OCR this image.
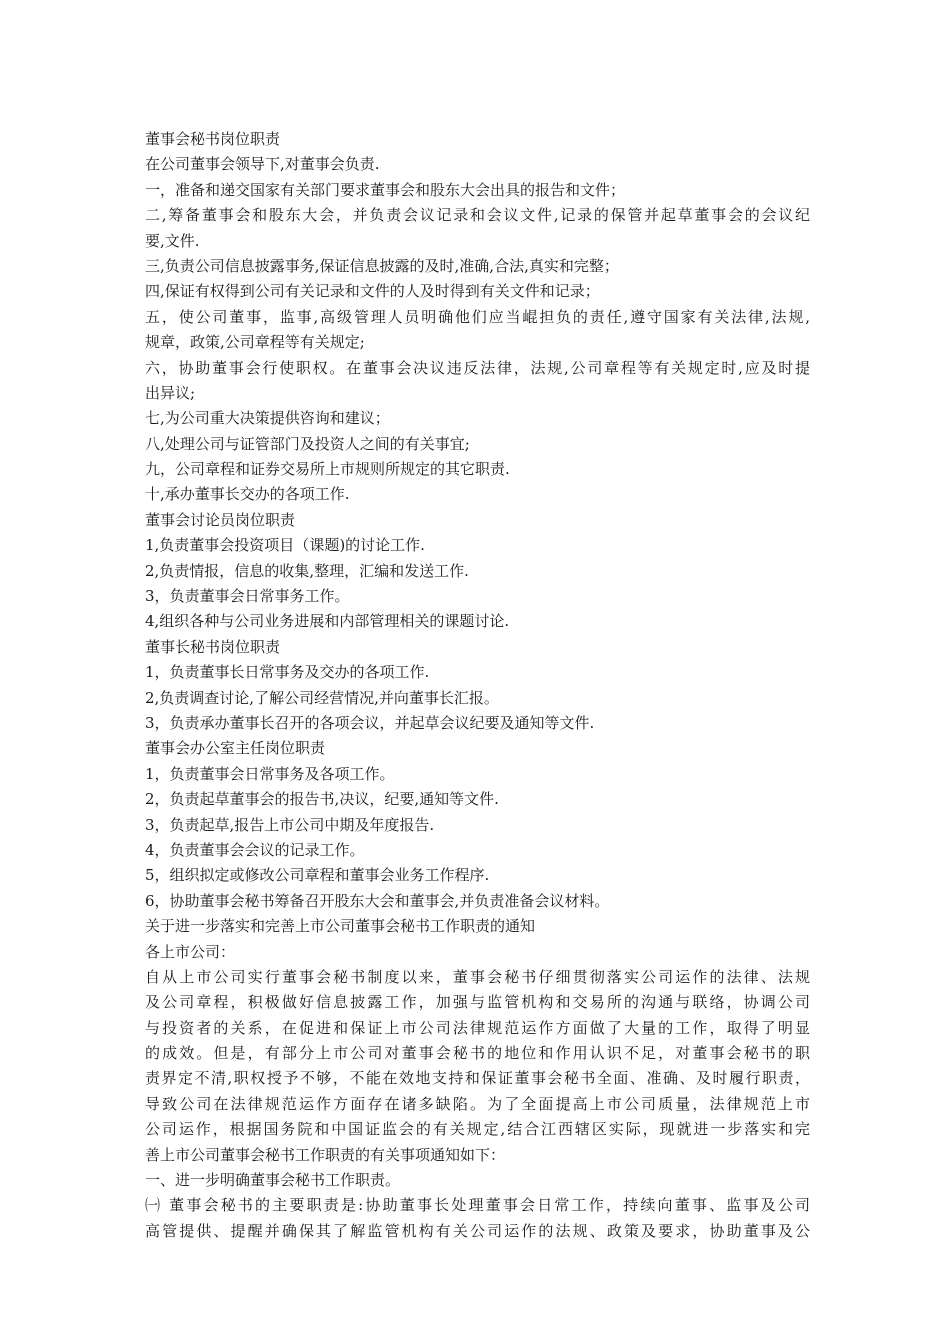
董事会秘书岗位职责
在公司董事会领导下,对董事会负责.
一，准备和递交国家有关部门要求董事会和股东大会出具的报告和文件；
二,筹备董事会和股东大会，并负责会议记录和会议文件,记录的保管并起草董事会的会议纪
要,文件.
三,负责公司信息披露事务,保证信息披露的及时,准确,合法,真实和完整；
四,保证有权得到公司有关记录和文件的人及时得到有关文件和记录；
五，使公司董事，监事,高级管理人员明确他们应当崐担负的责任,遵守国家有关法律,法规,
规章，政策,公司章程等有关规定;
六，协助董事会行使职权。在董事会决议违反法律，法规,公司章程等有关规定时,应及时提
出异议;
七,为公司重大决策提供咨询和建议；
八,处理公司与证管部门及投资人之间的有关事宜;
九，公司章程和证券交易所上市规则所规定的其它职责.
十,承办董事长交办的各项工作.
董事会讨论员岗位职责
1,负责董事会投资项目（课题)的讨论工作.
2,负责情报，信息的收集,整理，汇编和发送工作.
3，负责董事会日常事务工作。
4,组织各种与公司业务进展和内部管理相关的课题讨论.
董事长秘书岗位职责
1，负责董事长日常事务及交办的各项工作.
2,负责调查讨论,了解公司经营情况,并向董事长汇报。
3，负责承办董事长召开的各项会议，并起草会议纪要及通知等文件.
董事会办公室主任岗位职责
1，负责董事会日常事务及各项工作。
2，负责起草董事会的报告书,决议，纪要,通知等文件.
3，负责起草,报告上市公司中期及年度报告.
4，负责董事会会议的记录工作。
5，组织拟定或修改公司章程和董事会业务工作程序.
6，协助董事会秘书筹备召开股东大会和董事会,并负责准备会议材料。
关于进一步落实和完善上市公司董事会秘书工作职责的通知
各上市公司：
自从上市公司实行董事会秘书制度以来，董事会秘书仔细贯彻落实公司运作的法律、法规
及公司章程，积极做好信息披露工作，加强与监管机构和交易所的沟通与联络，协调公司
与投资者的关系，在促进和保证上市公司法律规范运作方面做了大量的工作，取得了明显
的成效。但是，有部分上市公司对董事会秘书的地位和作用认识不足，对董事会秘书的职
责界定不清,职权授予不够，不能在效地支持和保证董事会秘书全面、准确、及时履行职责，
导致公司在法律规范运作方面存在诸多缺陷。为了全面提高上市公司质量，法律规范上市
公司运作，根据国务院和中国证监会的有关规定,结合江西辖区实际，现就进一步落实和完
善上市公司董事会秘书工作职责的有关事项通知如下：
一、进一步明确董事会秘书工作职责。
㈠ 董事会秘书的主要职责是:协助董事长处理董事会日常工作，持续向董事、监事及公司
高管提供、提醒并确保其了解监管机构有关公司运作的法规、政策及要求，协助董事及公
